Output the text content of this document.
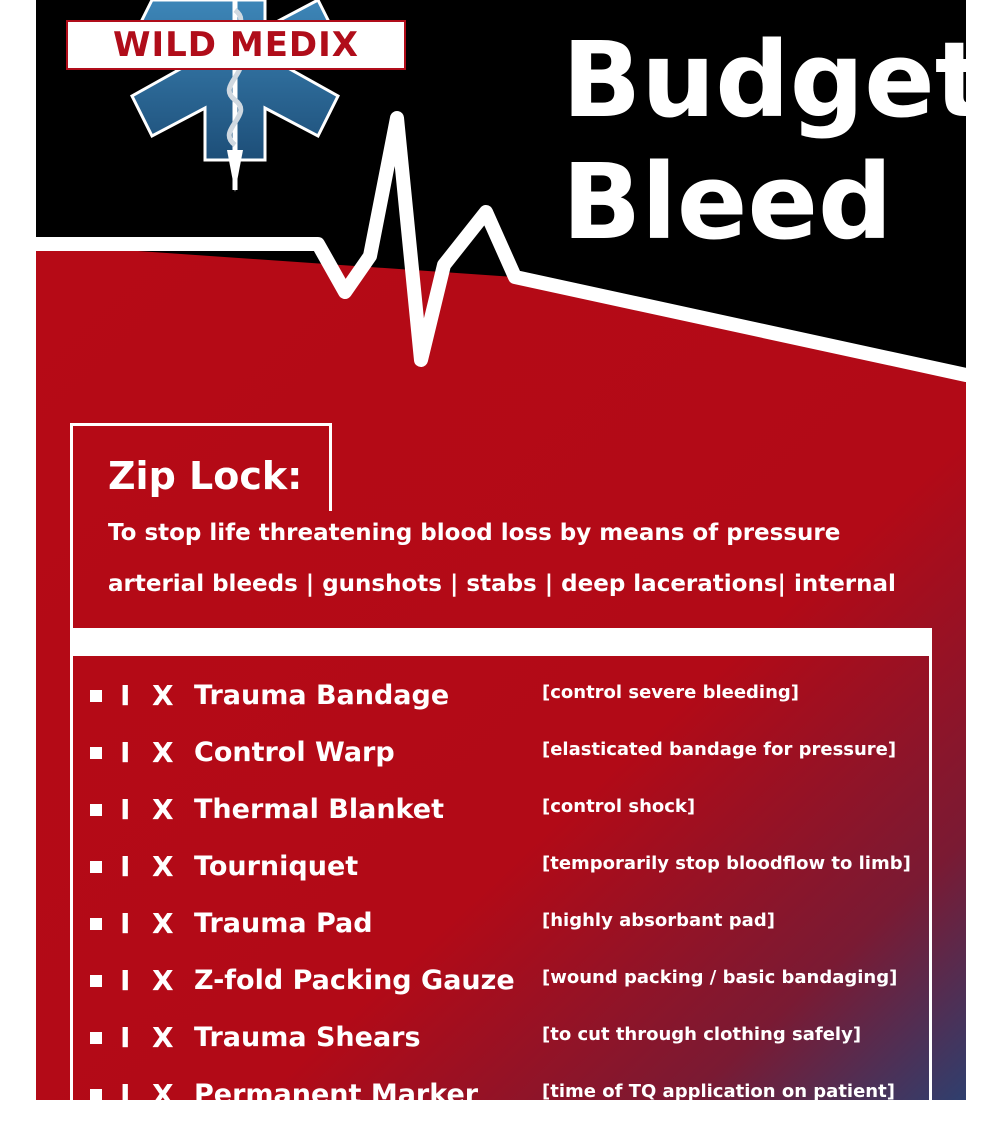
WILD MEDIX	Budget
Bleed
Zip Lock:
To stop life threatening blood loss by means of pressure
arterial bleeds | gunshots | stabs | deep lacerations| internal
I X Trauma Bandage	[control severe bleeding]
I X Control Warp	[elasticated bandage for pressure]
I X Thermal Blanket	[control shock]
I X Tourniquet	[temporarily stop bloodflow to limb]
I X Trauma Pad	[highly absorbant pad]
I X Z-fold Packing Gauze [wound packing / basic bandaging]
I X Trauma Shears	[to cut through clothing safely]
I X Permanent Marker	[time of TQ application on patient]
